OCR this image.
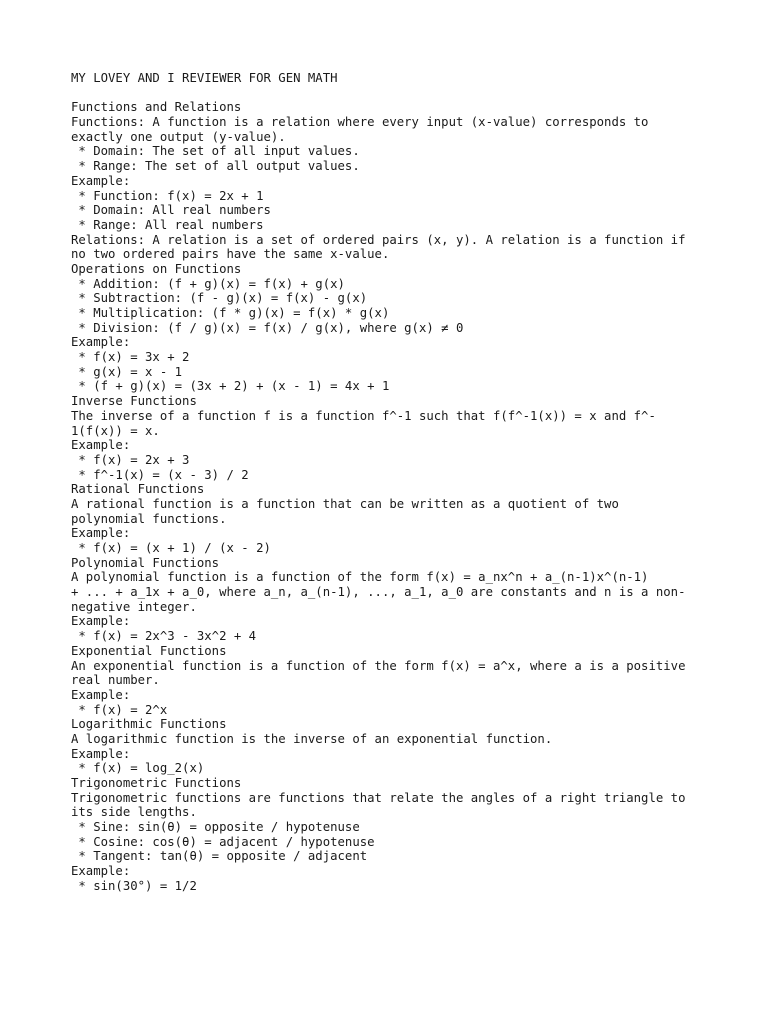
MY LOVEY AND I REVIEWER FOR GEN MATH
Functions and Relations
Functions: A function is a relation where every input (x-value) corresponds to
exactly one output (y-value).
* Domain: The set of all input values.
* Range: The set of all output values.
Example:
* Function: f(x) = 2x + 1
* Domain: All real numbers
* Range: All real numbers
Relations: A relation is a set of ordered pairs (x, y). A relation is a function if
no two ordered pairs have the same x-value.
Operations on Functions
* Addition: (f + g)(x) = f(x) + g(x)
* Subtraction: (f - g)(x) = f(x) - g(x)
* Multiplication: (f * g)(x) = f(x) * g(x)
* Division: (f / g)(x) = f(x) / g(x), where g(x) ≠ 0
Example:
* f(x) = 3x + 2
* g(x) = x - 1
* (f + g)(x) = (3x + 2) + (x - 1) = 4x + 1
Inverse Functions
The inverse of a function f is a function f^-1 such that f(f^-1(x)) = x and f^-
1(f(x)) = x.
Example:
* f(x) = 2x + 3
* f^-1(x) = (x - 3) / 2
Rational Functions
A rational function is a function that can be written as a quotient of two
polynomial functions.
Example:
* f(x) = (x + 1) / (x - 2)
Polynomial Functions
A polynomial function is a function of the form f(x) = a_nx^n + a_(n-1)x^(n-1)
+ ... + a_1x + a_0, where a_n, a_(n-1), ..., a_1, a_0 are constants and n is a non-
negative integer.
Example:
* f(x) = 2x^3 - 3x^2 + 4
Exponential Functions
An exponential function is a function of the form f(x) = a^x, where a is a positive
real number.
Example:
* f(x) = 2^x
Logarithmic Functions
A logarithmic function is the inverse of an exponential function.
Example:
* f(x) = log_2(x)
Trigonometric Functions
Trigonometric functions are functions that relate the angles of a right triangle to
its side lengths.
* Sine: sin(θ) = opposite / hypotenuse
* Cosine: cos(θ) = adjacent / hypotenuse
* Tangent: tan(θ) = opposite / adjacent
Example:
* sin(30°) = 1/2
